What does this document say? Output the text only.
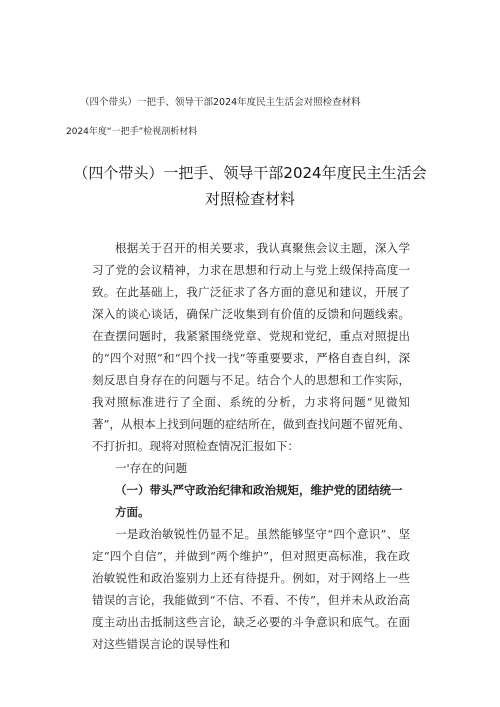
（四个带头）一把手、领导干部2024年度民主生活会对照检查材料
2024年度“一把手”检视剖析材料
（四个带头）一把手、领导干部2024年度民主生活会对照检查材料

根据关于召开的相关要求，我认真聚焦会议主题，深入学习了党的会议精神，力求在思想和行动上与党上级保持高度一致。在此基础上，我广泛征求了各方面的意见和建议，开展了深入的谈心谈话，确保广泛收集到有价值的反馈和问题线索。在查摆问题时，我紧紧围绕党章、党规和党纪，重点对照提出的“四个对照”和“四个找一找”等重要要求，严格自查自纠，深刻反思自身存在的问题与不足。结合个人的思想和工作实际，我对照标准进行了全面、系统的分析，力求将问题“见微知著”，从根本上找到问题的症结所在，做到查找问题不留死角、不打折扣。现将对照检查情况汇报如下：

一'存在的问题

（一）带头严守政治纪律和政治规矩，维护党的团结统一方面。

一是政治敏锐性仍显不足。虽然能够坚守“四个意识”、坚定“四个自信”，并做到“两个维护”，但对照更高标准，我在政治敏锐性和政治鉴别力上还有待提升。例如，对于网络上一些错误的言论，我能做到“不信、不看、不传”，但并未从政治高度主动出击抵制这些言论，缺乏必要的斗争意识和底气。在面对这些错误言论的误导性和
